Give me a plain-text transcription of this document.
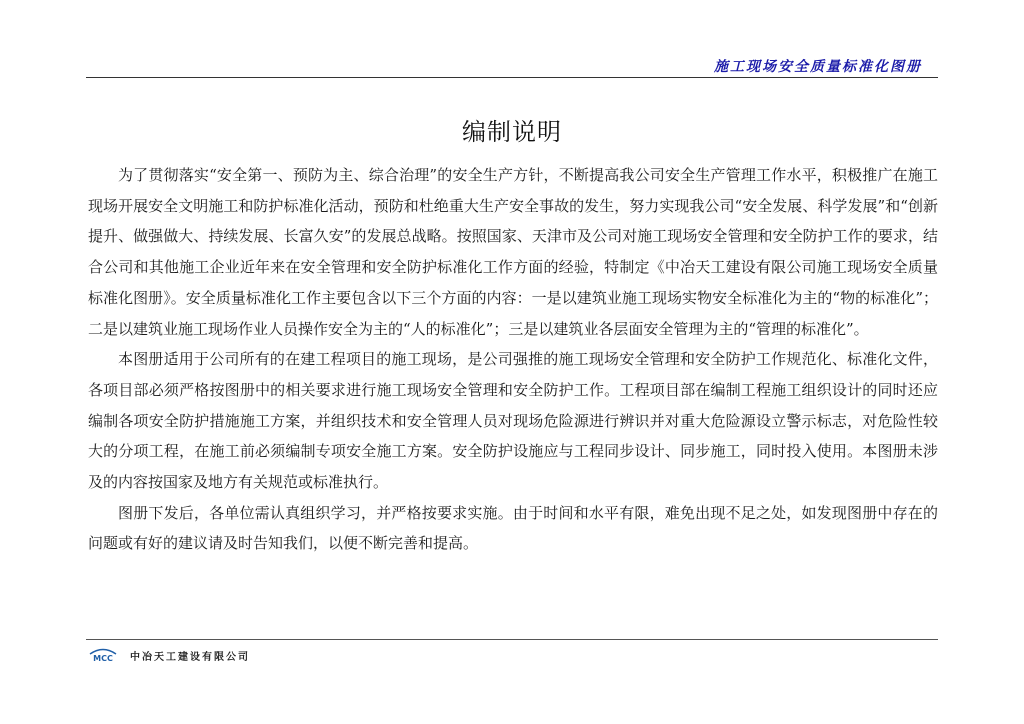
施工现场安全质量标准化图册
编制说明

为了贯彻落实“安全第一、预防为主、综合治理”的安全生产方针，不断提高我公司安全生产管理工作水平，积极推广在施工现场开展安全文明施工和防护标准化活动，预防和杜绝重大生产安全事故的发生，努力实现我公司“安全发展、科学发展”和“创新提升、做强做大、持续发展、长富久安”的发展总战略。按照国家、天津市及公司对施工现场安全管理和安全防护工作的要求，结合公司和其他施工企业近年来在安全管理和安全防护标准化工作方面的经验，特制定《中冶天工建设有限公司施工现场安全质量标准化图册》。安全质量标准化工作主要包含以下三个方面的内容：一是以建筑业施工现场实物安全标准化为主的“物的标准化”；二是以建筑业施工现场作业人员操作安全为主的“人的标准化”；三是以建筑业各层面安全管理为主的“管理的标准化”。

本图册适用于公司所有的在建工程项目的施工现场，是公司强推的施工现场安全管理和安全防护工作规范化、标准化文件，各项目部必须严格按图册中的相关要求进行施工现场安全管理和安全防护工作。工程项目部在编制工程施工组织设计的同时还应编制各项安全防护措施施工方案，并组织技术和安全管理人员对现场危险源进行辨识并对重大危险源设立警示标志，对危险性较大的分项工程，在施工前必须编制专项安全施工方案。安全防护设施应与工程同步设计、同步施工，同时投入使用。本图册未涉及的内容按国家及地方有关规范或标准执行。

图册下发后，各单位需认真组织学习，并严格按要求实施。由于时间和水平有限，难免出现不足之处，如发现图册中存在的问题或有好的建议请及时告知我们，以便不断完善和提高。

MCC 中冶天工建设有限公司
